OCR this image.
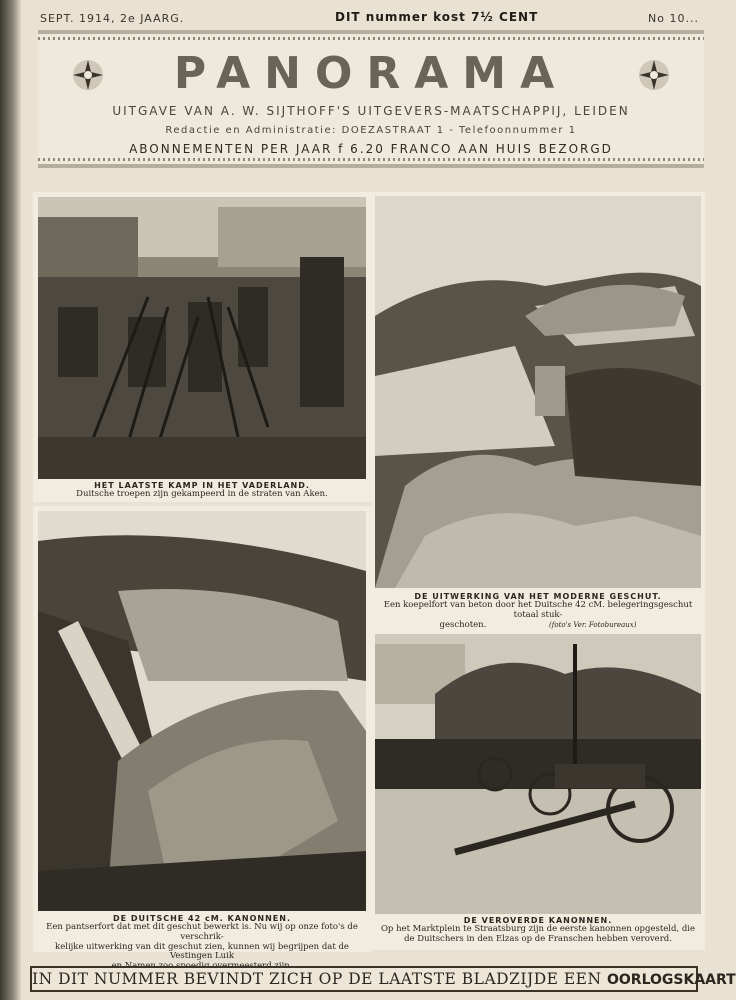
SEPT. 1914, 2e JAARG.	DIT nummer kost 7½ CENT	No 10...
PANORAMA
UITGAVE VAN A. W. SIJTHOFF'S UITGEVERS-MAATSCHAPPIJ, LEIDEN
Redactie en Administratie: DOEZASTRAAT 1 - Telefoonnummer 1
ABONNEMENTEN PER JAAR f 6.20 FRANCO AAN HUIS BEZORGD
HET LAATSTE KAMP IN HET VADERLAND.
Duitsche troepen zijn gekampeerd in de straten van Aken.
DE UITWERKING VAN HET MODERNE GESCHUT.
Een koepelfort van beton door het Duitsche 42 cM. belegeringsgeschut totaal stuk-
geschoten.	(foto's Ver. Fotobureaux)
DE DUITSCHE 42 cM. KANONNEN.
Een pantserfort dat met dit geschut bewerkt is. Nu wij op onze foto's de verschrik-
kelijke uitwerking van dit geschut zien, kunnen wij begrijpen dat de Vestingen Luik
DE VEROVERDE KANONNEN.
Op het Marktplein te Straatsburg zijn de eerste kanonnen opgesteld, die
de Duitschers in den Elzas op de Franschen hebben veroverd.
IN DIT NUMMER BEVINDT ZICH OP DE LAATSTE BLADZIJDE EEN OORLOGSKAART
